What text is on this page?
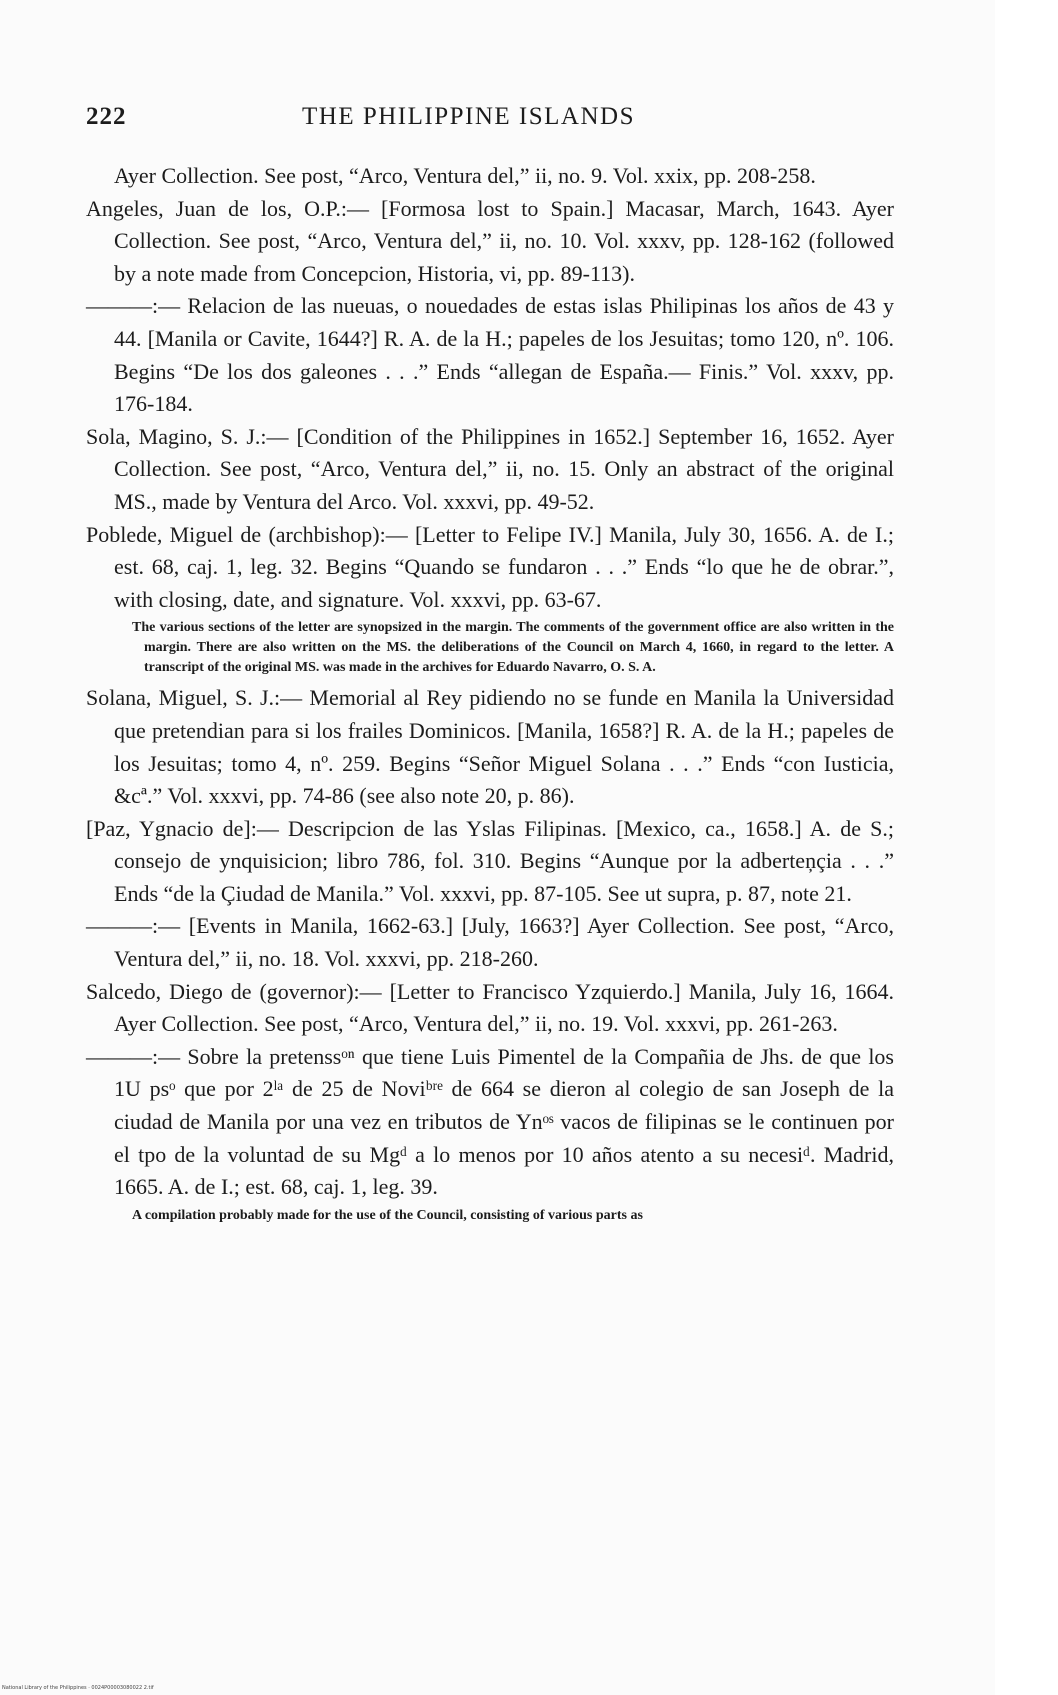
222	THE PHILIPPINE ISLANDS
Ayer Collection. See post, “Arco, Ventura del,” ii, no. 9. Vol. xxix, pp. 208-258.
Angeles, Juan de los, O.P.:— [Formosa lost to Spain.] Macasar, March, 1643. Ayer Collection. See post, “Arco, Ventura del,” ii, no. 10. Vol. xxxv, pp. 128-162 (followed by a note made from Concepcion, Historia, vi, pp. 89-113).
———:— Relacion de las nueuas, o nouedades de estas islas Philipinas los años de 43 y 44. [Manila or Cavite, 1644?] R. A. de la H.; papeles de los Jesuitas; tomo 120, nº. 106. Begins “De los dos galeones . . .” Ends “allegan de España.— Finis.” Vol. xxxv, pp. 176-184.
Sola, Magino, S. J.:— [Condition of the Philippines in 1652.] September 16, 1652. Ayer Collection. See post, “Arco, Ventura del,” ii, no. 15. Only an abstract of the original MS., made by Ventura del Arco. Vol. xxxvi, pp. 49-52.
Poblede, Miguel de (archbishop):— [Letter to Felipe IV.] Manila, July 30, 1656. A. de I.; est. 68, caj. 1, leg. 32. Begins “Quando se fundaron . . .” Ends “lo que he de obrar.”, with closing, date, and signature. Vol. xxxvi, pp. 63-67.
The various sections of the letter are synopsized in the margin. The comments of the government office are also written in the margin. There are also written on the MS. the deliberations of the Council on March 4, 1660, in regard to the letter. A transcript of the original MS. was made in the archives for Eduardo Navarro, O. S. A.
Solana, Miguel, S. J.:— Memorial al Rey pidiendo no se funde en Manila la Universidad que pretendian para si los frailes Dominicos. [Manila, 1658?] R. A. de la H.; papeles de los Jesuitas; tomo 4, nº. 259. Begins “Señor Miguel Solana . . .” Ends “con Iusticia, &cª.” Vol. xxxvi, pp. 74-86 (see also note 20, p. 86).
[Paz, Ygnacio de]:— Descripcion de las Yslas Filipinas. [Mexico, ca., 1658.] A. de S.; consejo de ynquisicion; libro 786, fol. 310. Begins “Aunque por la adberteņçia . . .” Ends “de la Çiudad de Manila.” Vol. xxxvi, pp. 87-105. See ut supra, p. 87, note 21.
———:— [Events in Manila, 1662-63.] [July, 1663?] Ayer Collection. See post, “Arco, Ventura del,” ii, no. 18. Vol. xxxvi, pp. 218-260.
Salcedo, Diego de (governor):— [Letter to Francisco Yzquierdo.] Manila, July 16, 1664. Ayer Collection. See post, “Arco, Ventura del,” ii, no. 19. Vol. xxxvi, pp. 261-263.
———:— Sobre la pretenssᵒⁿ que tiene Luis Pimentel de la Compañia de Jhs. de que los 1U psᵒ que por 2ˡᵃ de 25 de Noviᵇʳᵉ de 664 se dieron al colegio de san Joseph de la ciudad de Manila por una vez en tributos de Ynᵒˢ vacos de filipinas se le continuen por el tpo de la voluntad de su Mgᵈ a lo menos por 10 años atento a su necesiᵈ. Madrid, 1665. A. de I.; est. 68, caj. 1, leg. 39.
A compilation probably made for the use of the Council, consisting of various parts as
National Library of the Philippines · 0024P00003080022 2.tif
